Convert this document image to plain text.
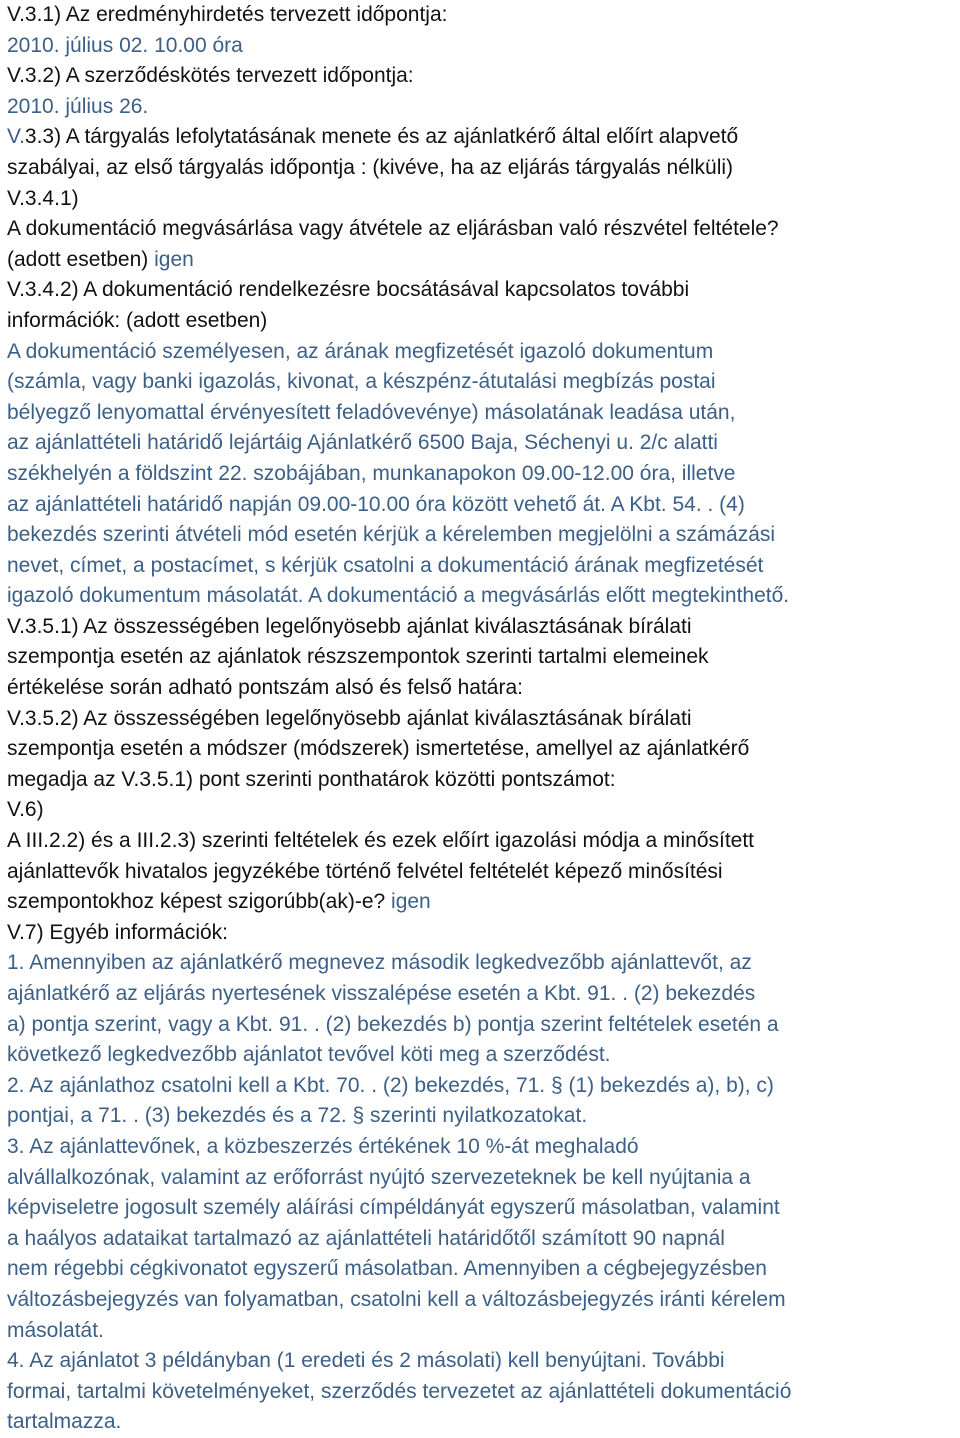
V.3.1) Az eredményhirdetés tervezett időpontja:
2010. július 02. 10.00 óra
V.3.2) A szerződéskötés tervezett időpontja:
2010. július 26.
V.3.3) A tárgyalás lefolytatásának menete és az ajánlatkérő által előírt alapvető
szabályai, az első tárgyalás időpontja : (kivéve, ha az eljárás tárgyalás nélküli)
V.3.4.1)
A dokumentáció megvásárlása vagy átvétele az eljárásban való részvétel feltétele?
(adott esetben) igen
V.3.4.2) A dokumentáció rendelkezésre bocsátásával kapcsolatos további
információk: (adott esetben)
A dokumentáció személyesen, az árának megfizetését igazoló dokumentum
(számla, vagy banki igazolás, kivonat, a készpénz-átutalási megbízás postai
bélyegző lenyomattal érvényesített feladóvevénye) másolatának leadása után,
az ajánlattételi határidő lejártáig Ajánlatkérő 6500 Baja, Séchenyi u. 2/c alatti
székhelyén a földszint 22. szobájában, munkanapokon 09.00-12.00 óra, illetve
az ajánlattételi határidő napján 09.00-10.00 óra között vehető át. A Kbt. 54. . (4)
bekezdés szerinti átvételi mód esetén kérjük a kérelemben megjelölni a számázási
nevet, címet, a postacímet, s kérjük csatolni a dokumentáció árának megfizetését
igazoló dokumentum másolatát. A dokumentáció a megvásárlás előtt megtekinthető.
V.3.5.1) Az összességében legelőnyösebb ajánlat kiválasztásának bírálati
szempontja esetén az ajánlatok részszempontok szerinti tartalmi elemeinek
értékelése során adható pontszám alsó és felső határa:
V.3.5.2) Az összességében legelőnyösebb ajánlat kiválasztásának bírálati
szempontja esetén a módszer (módszerek) ismertetése, amellyel az ajánlatkérő
megadja az V.3.5.1) pont szerinti ponthatárok közötti pontszámot:
V.6)
A III.2.2) és a III.2.3) szerinti feltételek és ezek előírt igazolási módja a minősített
ajánlattevők hivatalos jegyzékébe történő felvétel feltételét képező minősítési
szempontokhoz képest szigorúbb(ak)-e? igen
V.7) Egyéb információk:
1. Amennyiben az ajánlatkérő megnevez második legkedvezőbb ajánlattevőt, az
ajánlatkérő az eljárás nyertesének visszalépése esetén a Kbt. 91. . (2) bekezdés
a) pontja szerint, vagy a Kbt. 91. . (2) bekezdés b) pontja szerint feltételek esetén a
következő legkedvezőbb ajánlatot tevővel köti meg a szerződést.
2. Az ajánlathoz csatolni kell a Kbt. 70. . (2) bekezdés, 71. § (1) bekezdés a), b), c)
pontjai, a 71. . (3) bekezdés és a 72. § szerinti nyilatkozatokat.
3. Az ajánlattevőnek, a közbeszerzés értékének 10 %-át meghaladó
alvállalkozónak, valamint az erőforrást nyújtó szervezeteknek be kell nyújtania a
képviseletre jogosult személy aláírási címpéldányát egyszerű másolatban, valamint
a haályos adataikat tartalmazó az ajánlattételi határidőtől számított 90 napnál
nem régebbi cégkivonatot egyszerű másolatban. Amennyiben a cégbejegyzésben
változásbejegyzés van folyamatban, csatolni kell a változásbejegyzés iránti kérelem
másolatát.
4. Az ajánlatot 3 példányban (1 eredeti és 2 másolati) kell benyújtani. További
formai, tartalmi követelményeket, szerződés tervezetet az ajánlattételi dokumentáció
tartalmazza.
